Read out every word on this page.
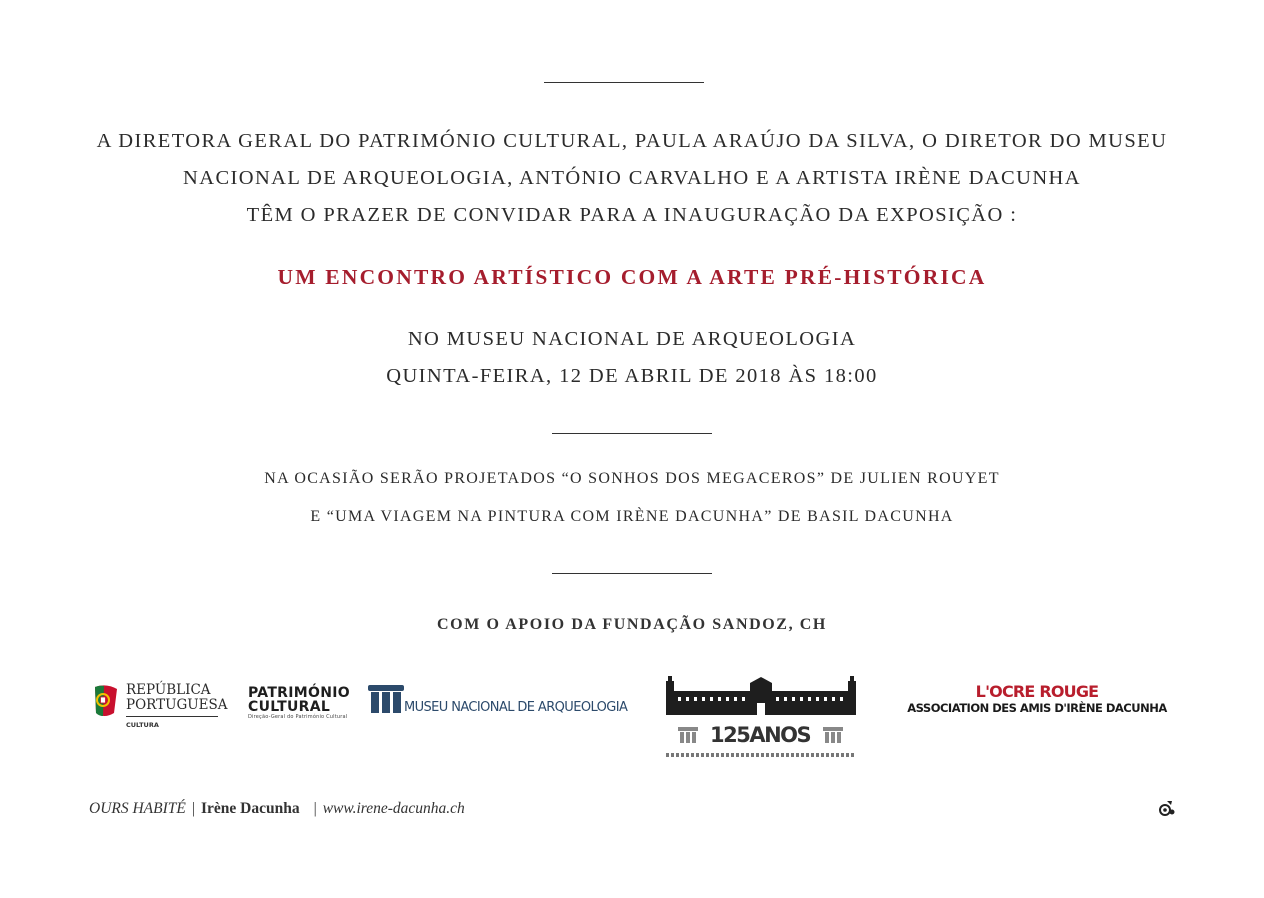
A DIRETORA GERAL DO PATRIMÓNIO CULTURAL, PAULA ARAÚJO DA SILVA, O DIRETOR DO MUSEU
NACIONAL DE ARQUEOLOGIA, ANTÓNIO CARVALHO E A ARTISTA IRÈNE DACUNHA
TÊM O PRAZER DE CONVIDAR PARA A INAUGURAÇÃO DA EXPOSIÇÃO :
UM ENCONTRO ARTÍSTICO COM A ARTE PRÉ-HISTÓRICA
NO MUSEU NACIONAL DE ARQUEOLOGIA
QUINTA-FEIRA, 12 DE ABRIL DE 2018 ÀS 18:00
NA OCASIÃO SERÃO PROJETADOS “O SONHOS DOS MEGACEROS” DE JULIEN ROUYET
E “UMA VIAGEM NA PINTURA COM IRÈNE DACUNHA” DE BASIL DACUNHA
COM O APOIO DA FUNDAÇÃO SANDOZ, CH
REPÚBLICA
PORTUGUESA
CULTURA
PATRIMÓNIO
CULTURAL
Direção-Geral do Património Cultural
MUSEU NACIONAL DE ARQUEOLOGIA
125ANOS
L'OCRE ROUGE
ASSOCIATION DES AMIS D'IRÈNE DACUNHA
OURS HABITÉ | Irène Dacunha | www.irene-dacunha.ch
